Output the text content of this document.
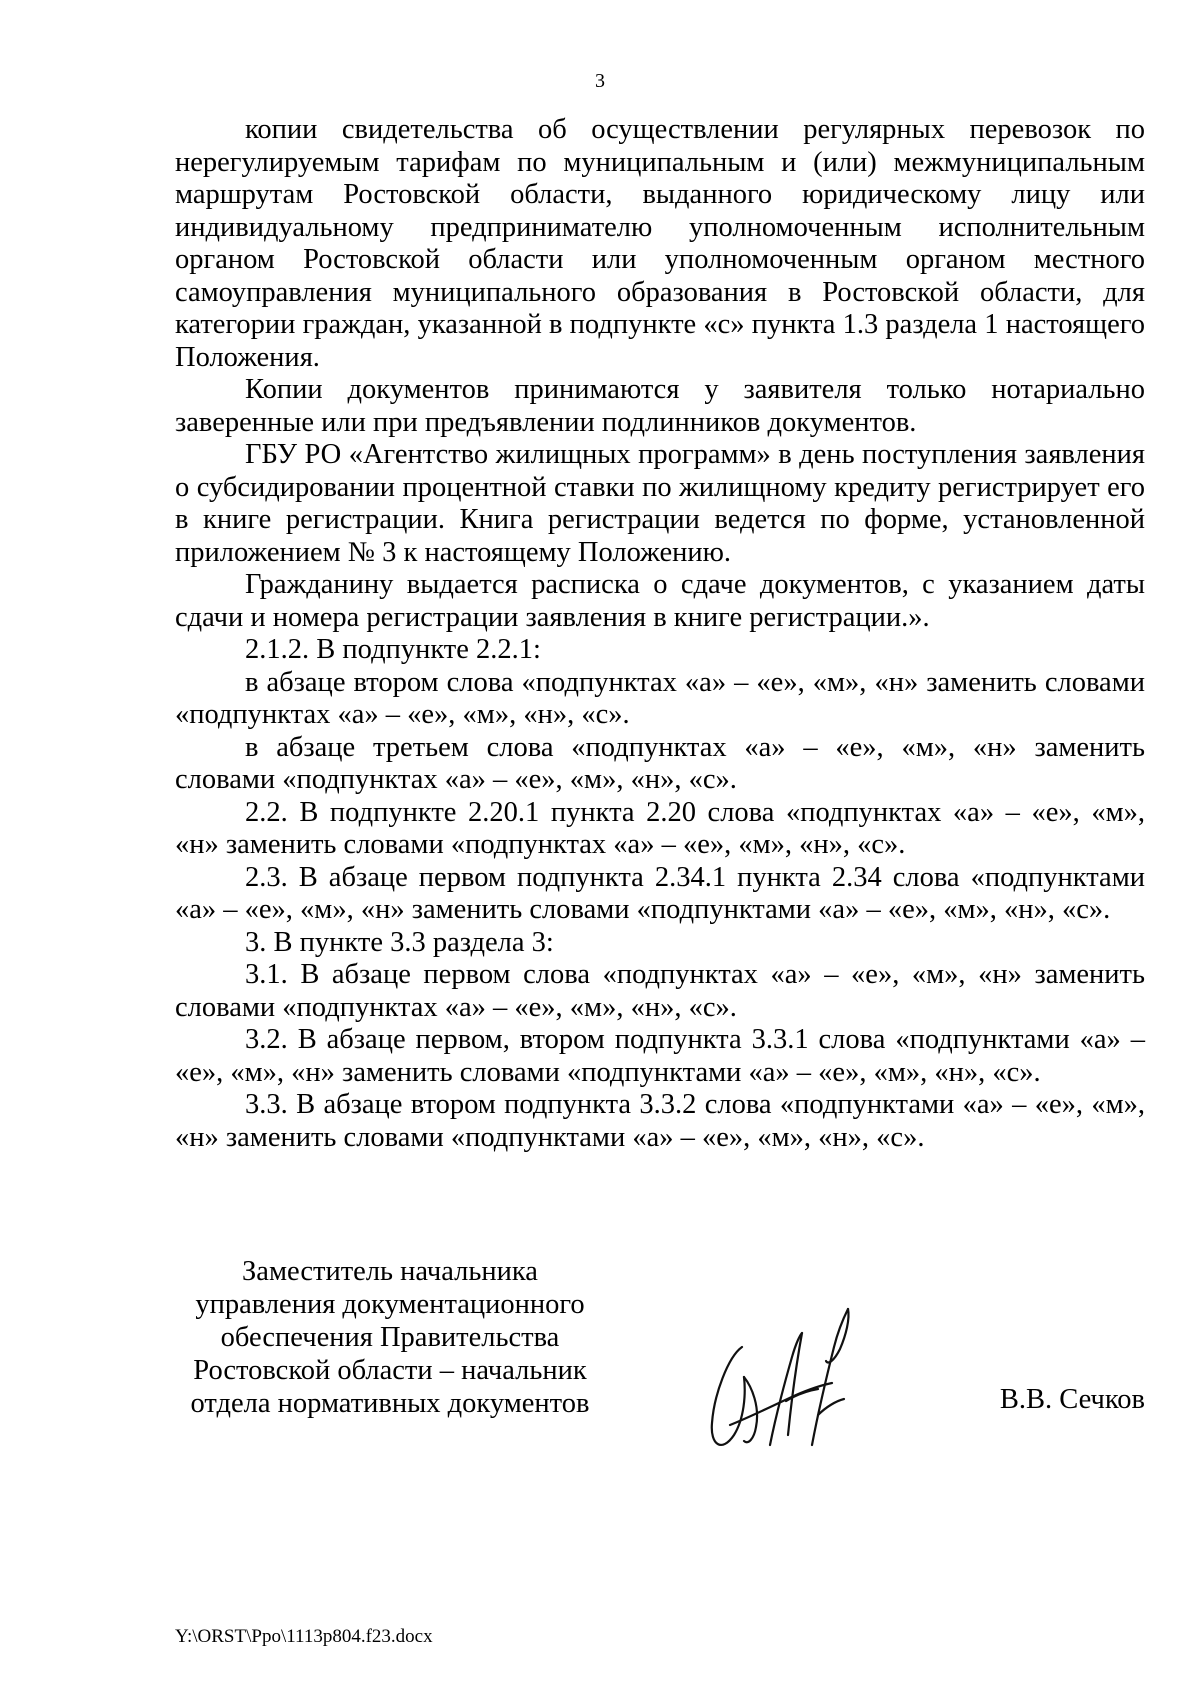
3

копии свидетельства об осуществлении регулярных перевозок по нерегулируемым тарифам по муниципальным и (или) межмуниципальным маршрутам Ростовской области, выданного юридическому лицу или индивидуальному предпринимателю уполномоченным исполнительным органом Ростовской области или уполномоченным органом местного самоуправления муниципального образования в Ростовской области, для категории граждан, указанной в подпункте «с» пункта 1.3 раздела 1 настоящего Положения.

Копии документов принимаются у заявителя только нотариально заверенные или при предъявлении подлинников документов.

ГБУ РО «Агентство жилищных программ» в день поступления заявления о субсидировании процентной ставки по жилищному кредиту регистрирует его в книге регистрации. Книга регистрации ведется по форме, установленной приложением № 3 к настоящему Положению.

Гражданину выдается расписка о сдаче документов, с указанием даты сдачи и номера регистрации заявления в книге регистрации.».

2.1.2. В подпункте 2.2.1:

в абзаце втором слова «подпунктах «а» – «е», «м», «н» заменить словами «подпунктах «а» – «е», «м», «н», «с».

в абзаце третьем слова «подпунктах «а» – «е», «м», «н» заменить словами «подпунктах «а» – «е», «м», «н», «с».

2.2. В подпункте 2.20.1 пункта 2.20 слова «подпунктах «а» – «е», «м», «н» заменить словами «подпунктах «а» – «е», «м», «н», «с».

2.3. В абзаце первом подпункта 2.34.1 пункта 2.34 слова «подпунктами «а» – «е», «м», «н» заменить словами «подпунктами «а» – «е», «м», «н», «с».

3. В пункте 3.3 раздела 3:

3.1. В абзаце первом слова «подпунктах «а» – «е», «м», «н» заменить словами «подпунктах «а» – «е», «м», «н», «с».

3.2. В абзаце первом, втором подпункта 3.3.1 слова «подпунктами «а» – «е», «м», «н» заменить словами «подпунктами «а» – «е», «м», «н», «с».

3.3. В абзаце втором подпункта 3.3.2 слова «подпунктами «а» – «е», «м», «н» заменить словами «подпунктами «а» – «е», «м», «н», «с».

Заместитель начальника
управления документационного
обеспечения Правительства
Ростовской области – начальник
отдела нормативных документов	В.В. Сечков
Y:\ORST\Ppo\1113p804.f23.docx
